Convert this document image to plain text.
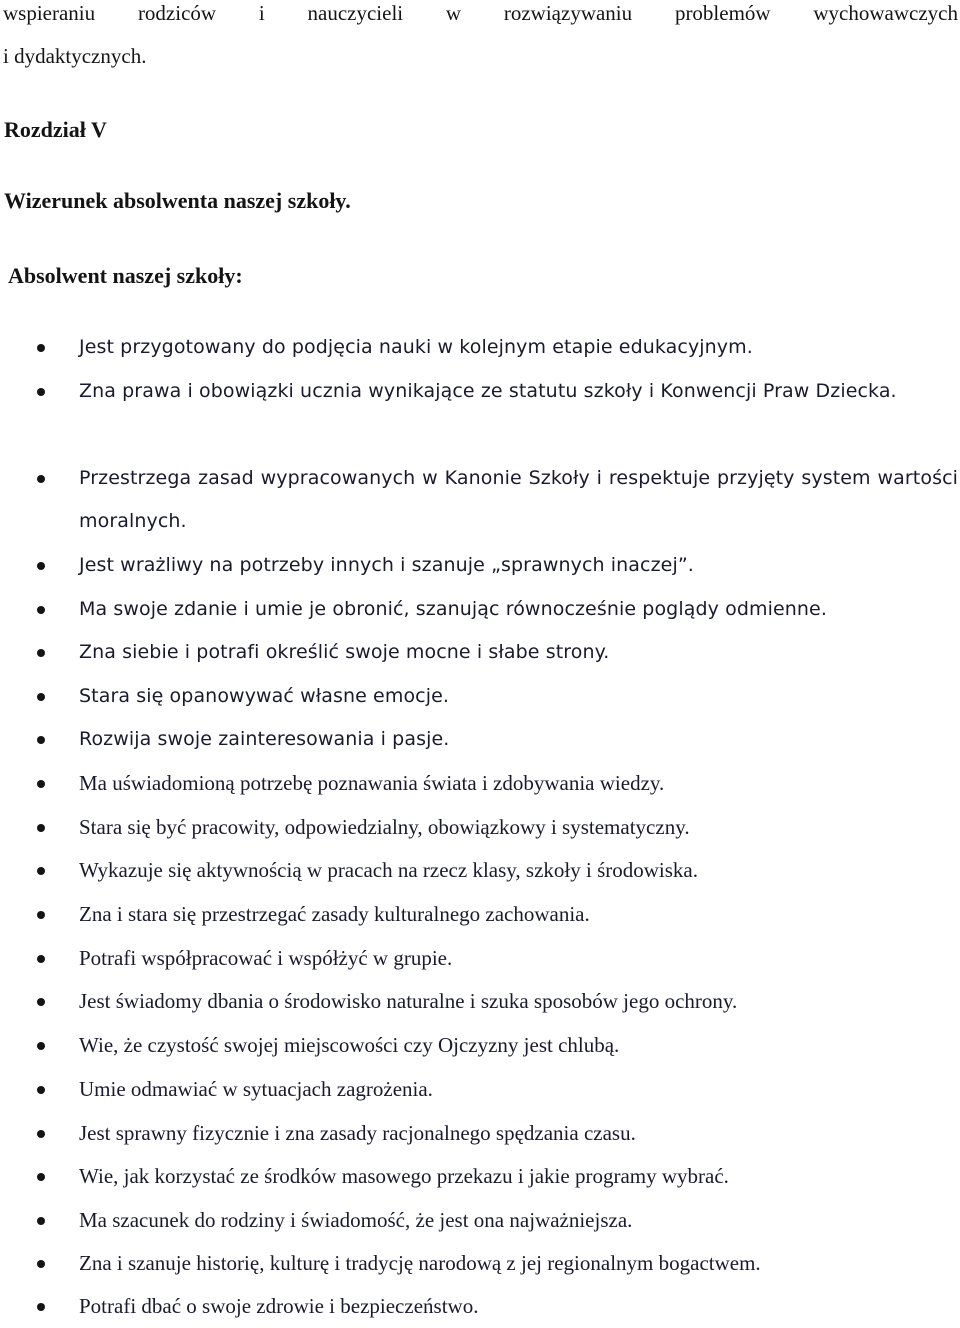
wspieraniu rodziców i nauczycieli w rozwiązywaniu problemów wychowawczych
i dydaktycznych.
Rozdział V
Wizerunek absolwenta naszej szkoły.
Absolwent naszej szkoły:
Jest przygotowany do podjęcia nauki w kolejnym etapie edukacyjnym.
Zna prawa i obowiązki ucznia wynikające ze statutu szkoły i Konwencji Praw Dziecka.
Przestrzega zasad wypracowanych w Kanonie Szkoły i respektuje przyjęty system wartości moralnych.
Jest wrażliwy na potrzeby innych i szanuje „sprawnych inaczej”.
Ma swoje zdanie i umie je obronić, szanując równocześnie poglądy odmienne.
Zna siebie i potrafi określić swoje mocne i słabe strony.
Stara się opanowywać własne emocje.
Rozwija swoje zainteresowania i pasje.
Ma uświadomioną potrzebę poznawania świata i zdobywania wiedzy.
Stara się być pracowity, odpowiedzialny, obowiązkowy i systematyczny.
Wykazuje się aktywnością w pracach na rzecz klasy, szkoły i środowiska.
Zna i stara się przestrzegać zasady kulturalnego zachowania.
Potrafi współpracować i współżyć w grupie.
Jest świadomy dbania o środowisko naturalne i szuka sposobów jego ochrony.
Wie, że czystość swojej miejscowości czy Ojczyzny jest chlubą.
Umie odmawiać w sytuacjach zagrożenia.
Jest sprawny fizycznie i zna zasady racjonalnego spędzania czasu.
Wie, jak korzystać ze środków masowego przekazu i jakie programy wybrać.
Ma szacunek do rodziny i świadomość, że jest ona najważniejsza.
Zna i szanuje historię, kulturę i tradycję narodową z jej regionalnym bogactwem.
Potrafi dbać o swoje zdrowie i bezpieczeństwo.
